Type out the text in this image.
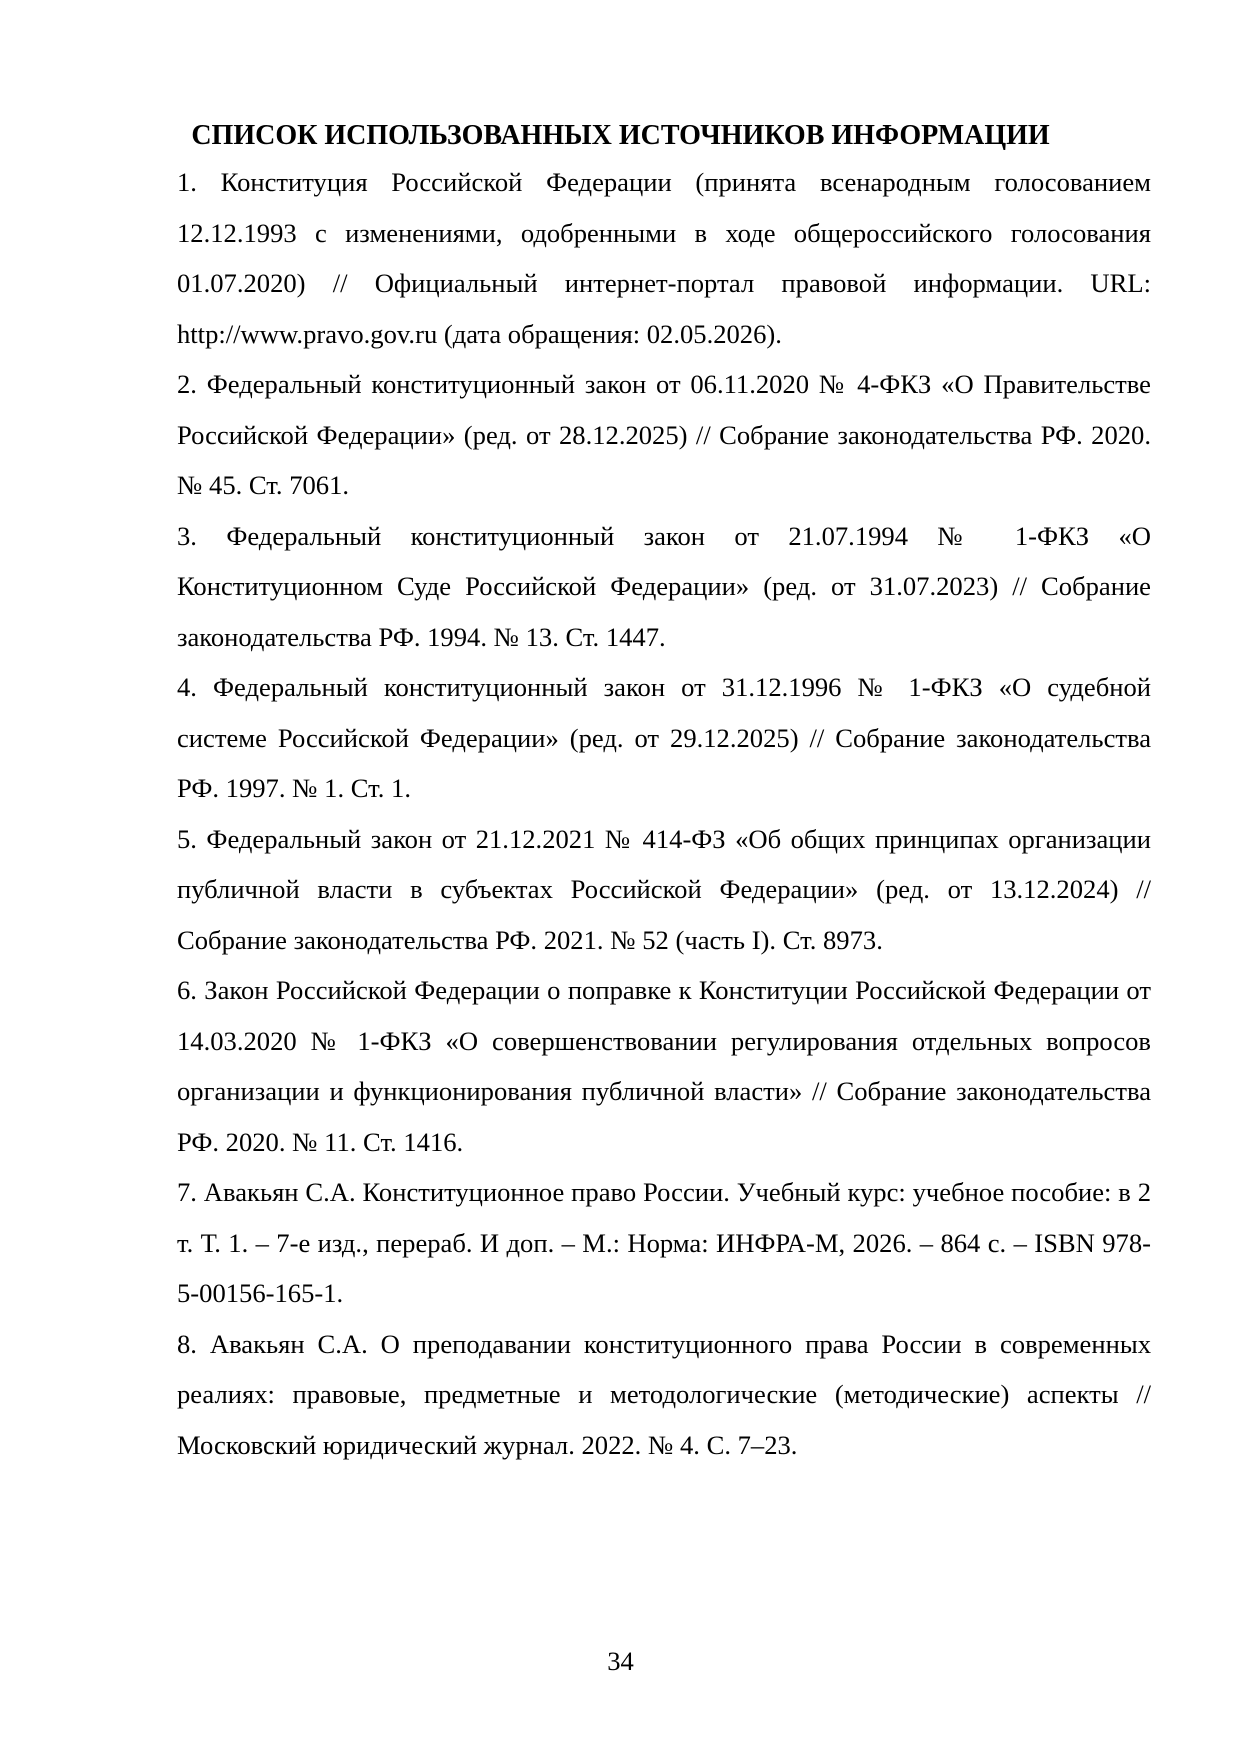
СПИСОК ИСПОЛЬЗОВАННЫХ ИСТОЧНИКОВ ИНФОРМАЦИИ
1. Конституция Российской Федерации (принята всенародным голосованием 12.12.1993 с изменениями, одобренными в ходе общероссийского голосования 01.07.2020) // Официальный интернет-портал правовой информации. URL: http://www.pravo.gov.ru (дата обращения: 02.05.2026).
2. Федеральный конституционный закон от 06.11.2020 № 4-ФКЗ «О Правительстве Российской Федерации» (ред. от 28.12.2025) // Собрание законодательства РФ. 2020. № 45. Ст. 7061.
3. Федеральный конституционный закон от 21.07.1994 № 1-ФКЗ «О Конституционном Суде Российской Федерации» (ред. от 31.07.2023) // Собрание законодательства РФ. 1994. № 13. Ст. 1447.
4. Федеральный конституционный закон от 31.12.1996 № 1-ФКЗ «О судебной системе Российской Федерации» (ред. от 29.12.2025) // Собрание законодательства РФ. 1997. № 1. Ст. 1.
5. Федеральный закон от 21.12.2021 № 414-ФЗ «Об общих принципах организации публичной власти в субъектах Российской Федерации» (ред. от 13.12.2024) // Собрание законодательства РФ. 2021. № 52 (часть I). Ст. 8973.
6. Закон Российской Федерации о поправке к Конституции Российской Федерации от 14.03.2020 № 1-ФКЗ «О совершенствовании регулирования отдельных вопросов организации и функционирования публичной власти» // Собрание законодательства РФ. 2020. № 11. Ст. 1416.
7. Авакьян С.А. Конституционное право России. Учебный курс: учебное пособие: в 2 т. Т. 1. – 7-е изд., перераб. И доп. – М.: Норма: ИНФРА-М, 2026. – 864 с. – ISBN 978-5-00156-165-1.
8. Авакьян С.А. О преподавании конституционного права России в современных реалиях: правовые, предметные и методологические (методические) аспекты // Московский юридический журнал. 2022. № 4. С. 7–23.
34
